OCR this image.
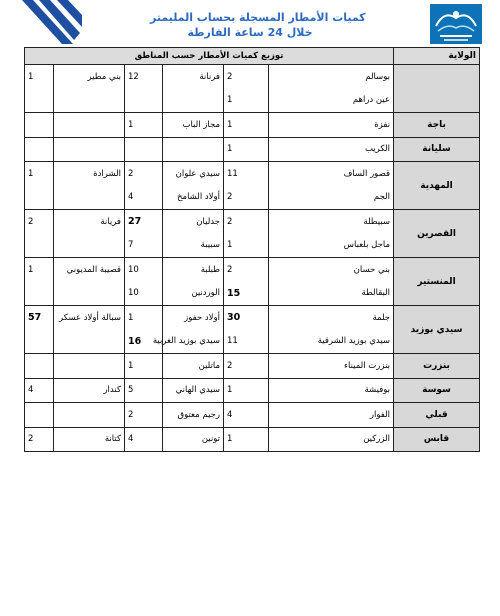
كميات الأمطار المسجلة بحساب المليمتر
خلال 24 ساعة الفارطة
توزيع كميات الأمطار حسب المناطق						الولاية
1	بني مطير	12	فرنانة	2	بوسالم	
				1	عين دراهم	
		1	مجاز الباب	1	نفزة	باجة
				1	الكريب	سليانة
1	الشرادة	2	سيدي علوان	11	قصور الساف	المهدية
		4	أولاد الشامخ	2	الجم	
2	فريانة	27	جدليان	2	سبيطلة	القصرين
		7	سبيبة	1	ماجل بلعباس	
1	قصيبة المديوني	10	طبلبة	2	بني حسان	المنستير
		10	الوردنين	15	البقالطة	
57	سبالة أولاد عسكر	1	أولاد حفوز	30	جلمة	سيدي بوزيد
		16	سيدي بوزيد الغربية	11	سيدي بوزيد الشرقية	
		1	ماتلين	2	بنزرت الميناء	بنزرت
4	كندار	5	سيدي الهاني	1	بوفيشة	سوسة
		2	رجيم معتوق	4	الفوار	قبلي
2	كتانة	4	تونين	1	الزركين	قابس
